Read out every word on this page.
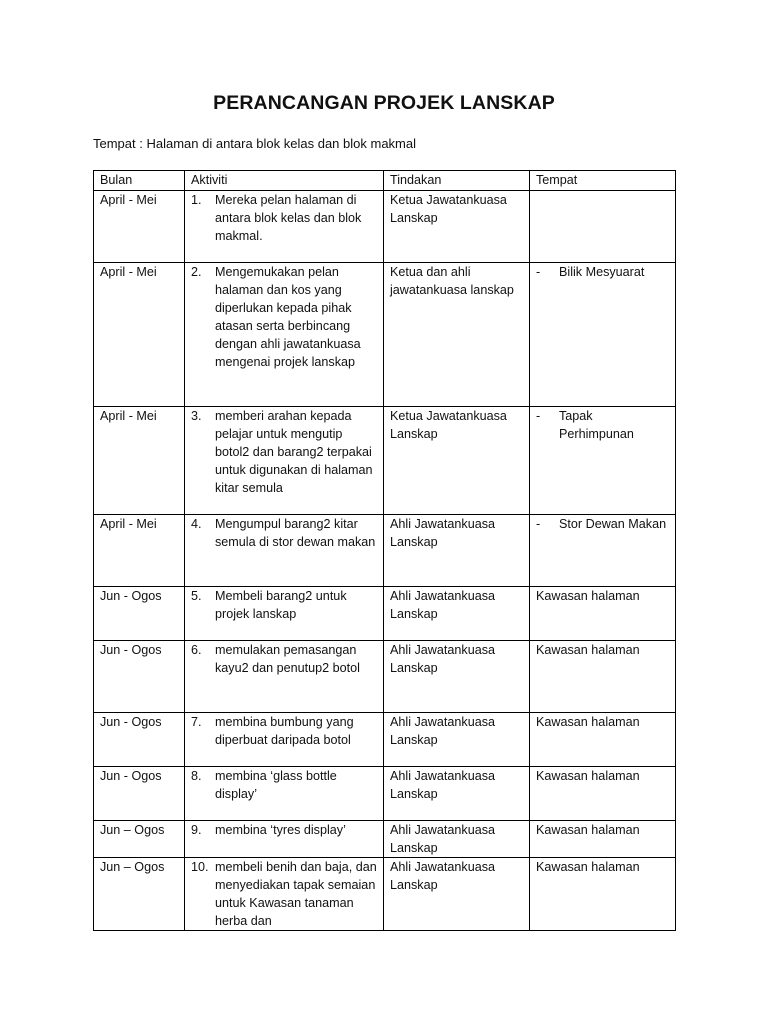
PERANCANGAN PROJEK LANSKAP
Tempat : Halaman di antara blok kelas dan blok makmal
Bulan	Aktiviti	Tindakan	Tempat
April - Mei	1. Mereka pelan halaman di antara blok kelas dan blok makmal.	Ketua Jawatankuasa Lanskap	
April - Mei	2. Mengemukakan pelan halaman dan kos yang diperlukan kepada pihak atasan serta berbincang dengan ahli jawatankuasa mengenai projek lanskap	Ketua dan ahli jawatankuasa lanskap	- Bilik Mesyuarat

April - Mei	3. memberi arahan kepada pelajar untuk mengutip botol2 dan barang2 terpakai untuk digunakan di halaman kitar semula	Ketua Jawatankuasa Lanskap	- Tapak Perhimpunan

April - Mei	4. Mengumpul barang2 kitar semula di stor dewan makan	Ahli Jawatankuasa Lanskap	- Stor Dewan Makan

Jun - Ogos	5. Membeli barang2 untuk projek lanskap	Ahli Jawatankuasa Lanskap	Kawasan halaman
Jun - Ogos	6. memulakan pemasangan kayu2 dan penutup2 botol	Ahli Jawatankuasa Lanskap	Kawasan halaman
Jun - Ogos	7. membina bumbung yang diperbuat daripada botol	Ahli Jawatankuasa Lanskap	Kawasan halaman
Jun - Ogos	8. membina ‘glass bottle display’	Ahli Jawatankuasa Lanskap	Kawasan halaman
Jun – Ogos	9. membina ‘tyres display’	Ahli Jawatankuasa Lanskap	Kawasan halaman
Jun – Ogos	10. membeli benih dan baja, dan menyediakan tapak semaian untuk Kawasan tanaman herba dan	Ahli Jawatankuasa Lanskap	Kawasan halaman
